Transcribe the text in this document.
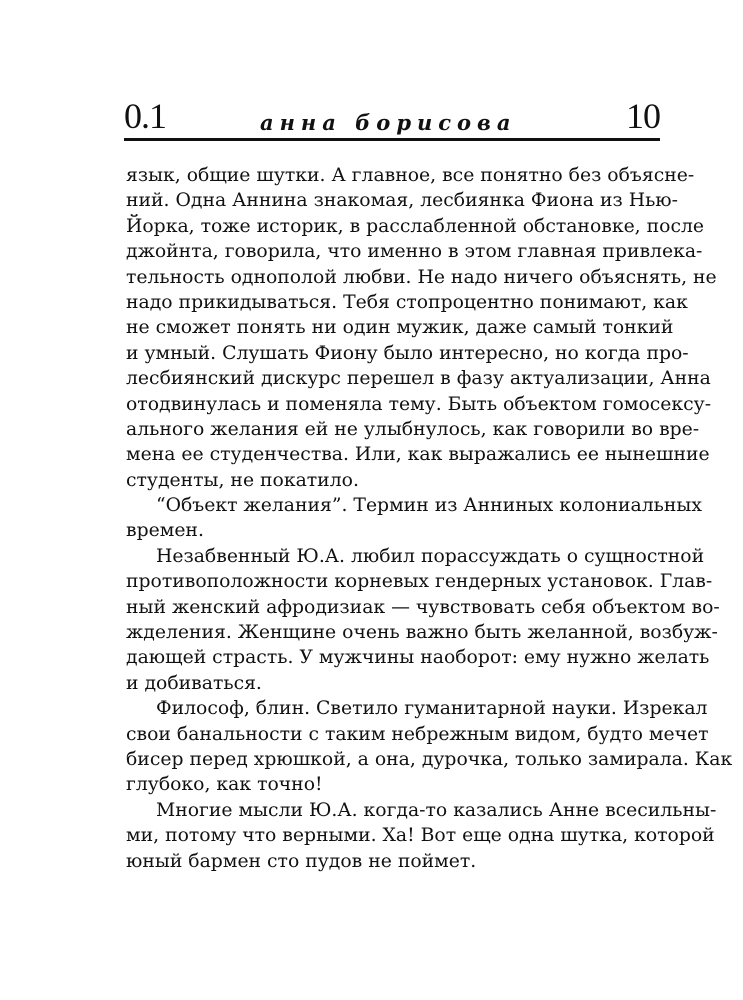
0.1	анна борисова	10
язык, общие шутки. А главное, все понятно без объясне-
ний. Одна Аннина знакомая, лесбиянка Фиона из Нью-
Йорка, тоже историк, в расслабленной обстановке, после
джойнта, говорила, что именно в этом главная привлека-
тельность однополой любви. Не надо ничего объяснять, не
надо прикидываться. Тебя стопроцентно понимают, как
не сможет понять ни один мужик, даже самый тонкий
и умный. Слушать Фиону было интересно, но когда про-
лесбиянский дискурс перешел в фазу актуализации, Анна
отодвинулась и поменяла тему. Быть объектом гомосексу-
ального желания ей не улыбнулось, как говорили во вре-
мена ее студенчества. Или, как выражались ее нынешние
студенты, не покатило.
“Объект желания”. Термин из Анниных колониальных
времен.
Незабвенный Ю.А. любил порассуждать о сущностной
противоположности корневых гендерных установок. Глав-
ный женский афродизиак — чувствовать себя объектом во-
жделения. Женщине очень важно быть желанной, возбуж-
дающей страсть. У мужчины наоборот: ему нужно желать
и добиваться.
Философ, блин. Светило гуманитарной науки. Изрекал
свои банальности с таким небрежным видом, будто мечет
бисер перед хрюшкой, а она, дурочка, только замирала. Как
глубоко, как точно!
Многие мысли Ю.А. когда-то казались Анне всесильны-
ми, потому что верными. Ха! Вот еще одна шутка, которой
юный бармен сто пудов не поймет.
